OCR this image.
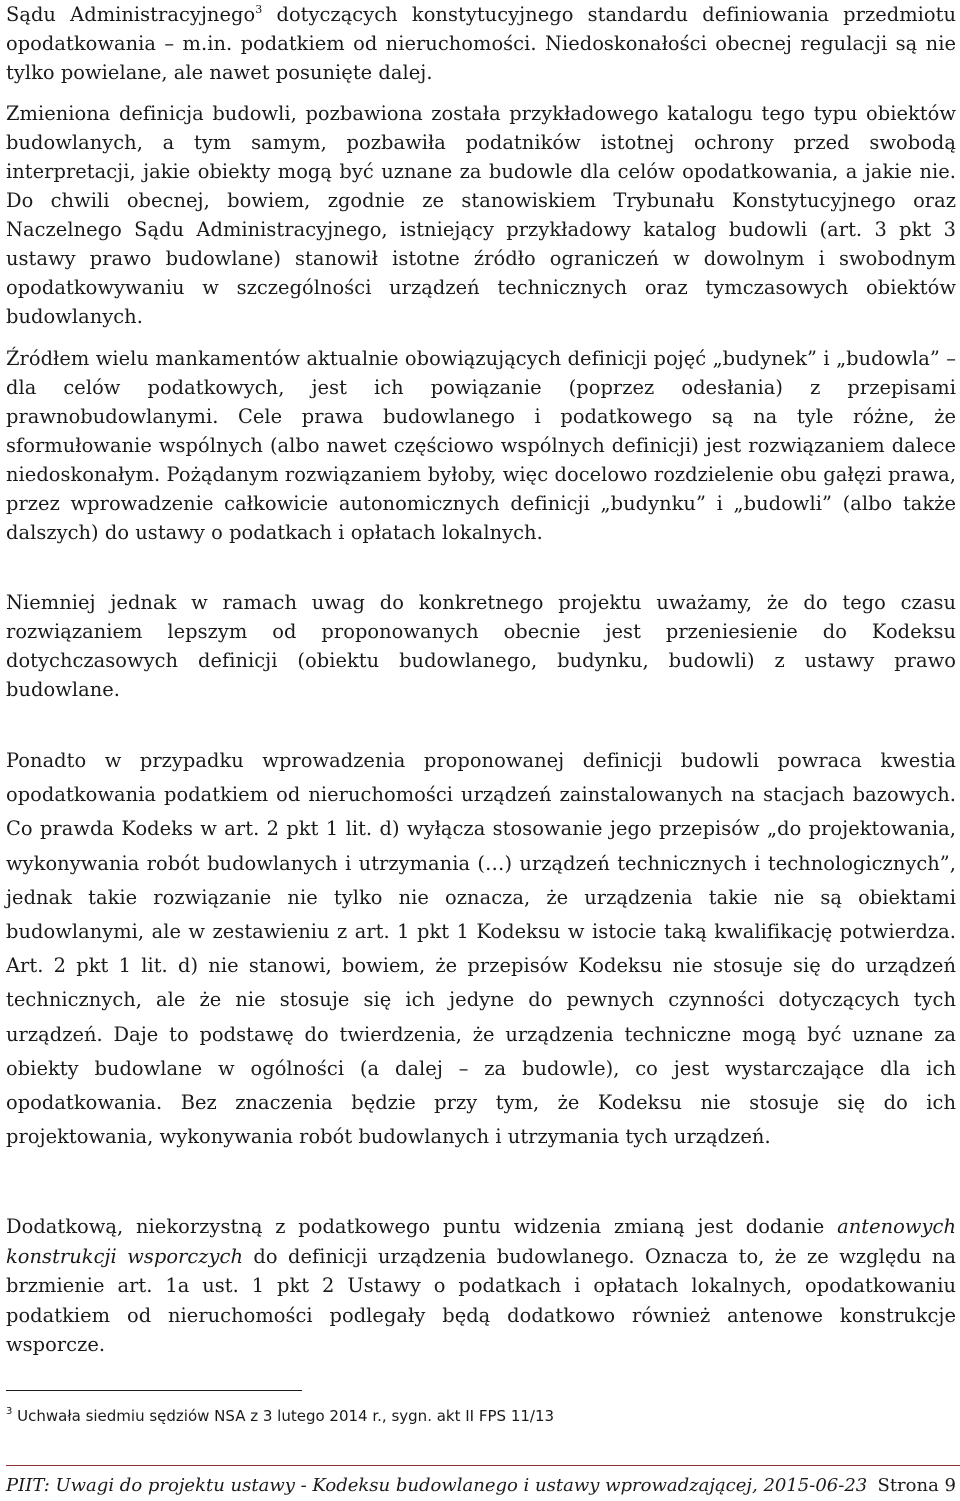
Sądu Administracyjnego$^3$ dotyczących konstytucyjnego standardu definiowania przedmiotu opodatkowania – m.in. podatkiem od nieruchomości. Niedoskonałości obecnej regulacji są nie tylko powielane, ale nawet posunięte dalej.

Zmieniona definicja budowli, pozbawiona została przykładowego katalogu tego typu obiektów budowlanych, a tym samym, pozbawiła podatników istotnej ochrony przed swobodą interpretacji, jakie obiekty mogą być uznane za budowle dla celów opodatkowania, a jakie nie. Do chwili obecnej, bowiem, zgodnie ze stanowiskiem Trybunału Konstytucyjnego oraz Naczelnego Sądu Administracyjnego, istniejący przykładowy katalog budowli (art. 3 pkt 3 ustawy prawo budowlane) stanowił istotne źródło ograniczeń w dowolnym i swobodnym opodatkowywaniu w szczególności urządzeń technicznych oraz tymczasowych obiektów budowlanych.

Źródłem wielu mankamentów aktualnie obowiązujących definicji pojęć „budynek” i „budowla” – dla celów podatkowych, jest ich powiązanie (poprzez odesłania) z przepisami prawnobudowlanymi. Cele prawa budowlanego i podatkowego są na tyle różne, że sformułowanie wspólnych (albo nawet częściowo wspólnych definicji) jest rozwiązaniem dalece niedoskonałym. Pożądanym rozwiązaniem byłoby, więc docelowo rozdzielenie obu gałęzi prawa, przez wprowadzenie całkowicie autonomicznych definicji „budynku” i „budowli” (albo także dalszych) do ustawy o podatkach i opłatach lokalnych.

Niemniej jednak w ramach uwag do konkretnego projektu uważamy, że do tego czasu rozwiązaniem lepszym od proponowanych obecnie jest przeniesienie do Kodeksu dotychczasowych definicji (obiektu budowlanego, budynku, budowli) z ustawy prawo budowlane.

Ponadto w przypadku wprowadzenia proponowanej definicji budowli powraca kwestia opodatkowania podatkiem od nieruchomości urządzeń zainstalowanych na stacjach bazowych. Co prawda Kodeks w art. 2 pkt 1 lit. d) wyłącza stosowanie jego przepisów „do projektowania, wykonywania robót budowlanych i utrzymania (…) urządzeń technicznych i technologicznych”, jednak takie rozwiązanie nie tylko nie oznacza, że urządzenia takie nie są obiektami budowlanymi, ale w zestawieniu z art. 1 pkt 1 Kodeksu w istocie taką kwalifikację potwierdza. Art. 2 pkt 1 lit. d) nie stanowi, bowiem, że przepisów Kodeksu nie stosuje się do urządzeń technicznych, ale że nie stosuje się ich jedyne do pewnych czynności dotyczących tych urządzeń. Daje to podstawę do twierdzenia, że urządzenia techniczne mogą być uznane za obiekty budowlane w ogólności (a dalej – za budowle), co jest wystarczające dla ich opodatkowania. Bez znaczenia będzie przy tym, że Kodeksu nie stosuje się do ich projektowania, wykonywania robót budowlanych i utrzymania tych urządzeń.

Dodatkową, niekorzystną z podatkowego puntu widzenia zmianą jest dodanie antenowych konstrukcji wsporczych do definicji urządzenia budowlanego. Oznacza to, że ze względu na brzmienie art. 1a ust. 1 pkt 2 Ustawy o podatkach i opłatach lokalnych, opodatkowaniu podatkiem od nieruchomości podlegały będą dodatkowo również antenowe konstrukcje wsporcze.

$^3$ Uchwała siedmiu sędziów NSA z 3 lutego 2014 r., sygn. akt II FPS 11/13
PIIT: Uwagi do projektu ustawy - Kodeksu budowlanego i ustawy wprowadzającej, 2015-06-23 Strona 9
